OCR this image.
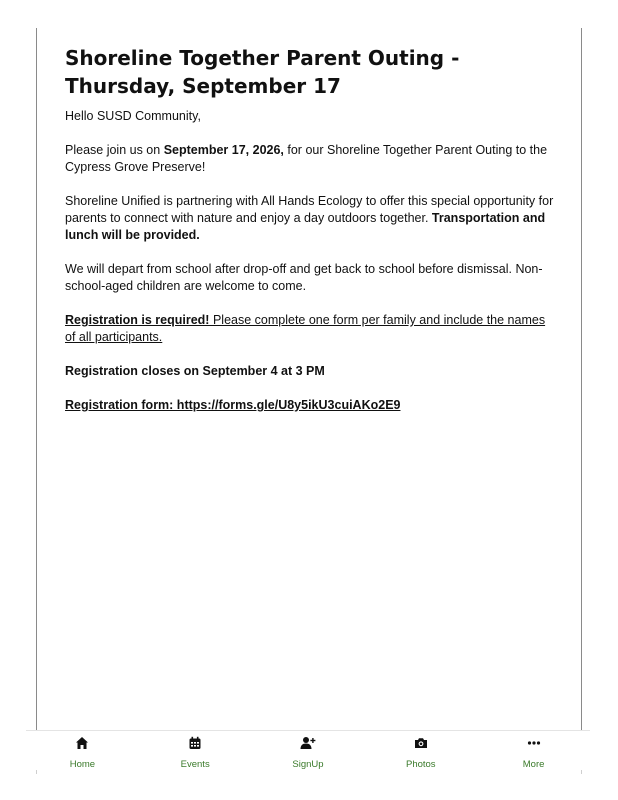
Shoreline Together Parent Outing - Thursday, September 17

Hello SUSD Community,

Please join us on September 17, 2026, for our Shoreline Together Parent Outing to the Cypress Grove Preserve!

Shoreline Unified is partnering with All Hands Ecology to offer this special opportunity for parents to connect with nature and enjoy a day outdoors together. Transportation and lunch will be provided.

We will depart from school after drop-off and get back to school before dismissal. Non-school-aged children are welcome to come.

Registration is required! Please complete one form per family and include the names of all participants.

Registration closes on September 4 at 3 PM

Registration form: https://forms.gle/U8y5ikU3cuiAKo2E9

Home	Events	SignUp	Photos	More
